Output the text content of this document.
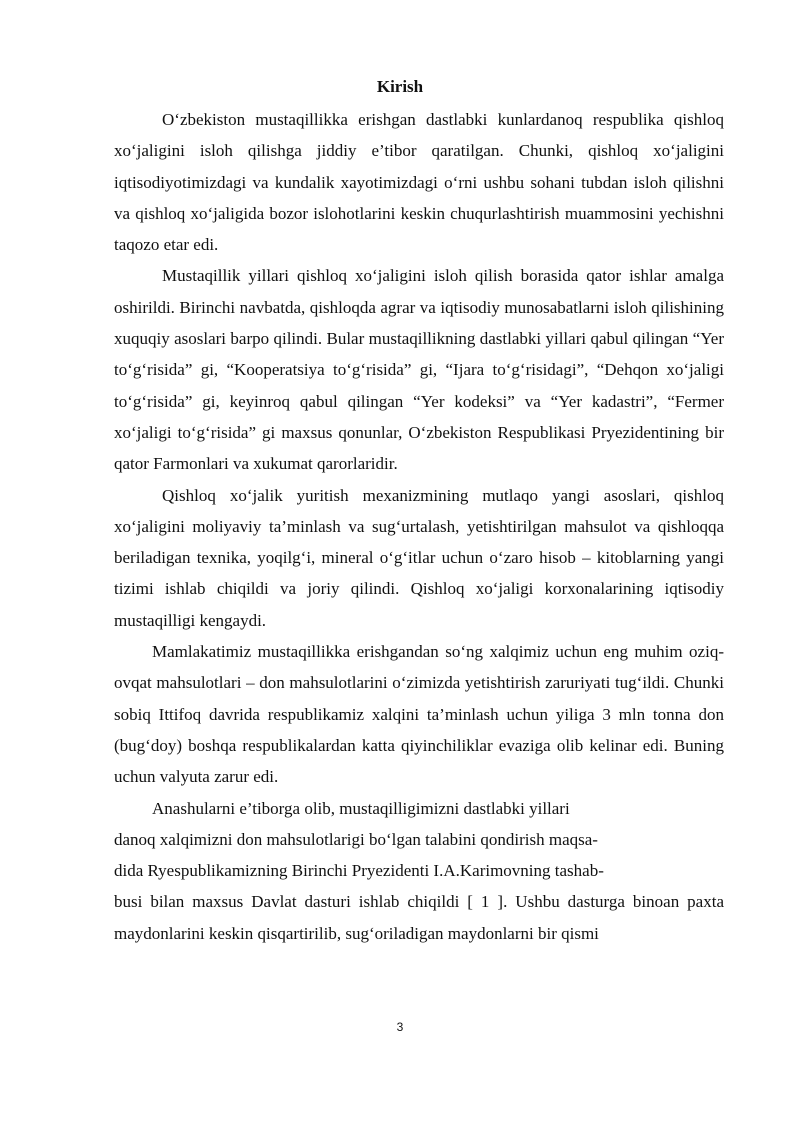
Kirish

O‘zbekiston mustaqillikka erishgan dastlabki kunlardanoq respublika qishloq xo‘jaligini isloh qilishga jiddiy e’tibor qaratilgan. Chunki, qishloq xo‘jaligini iqtisodiyotimizdagi va kundalik xayotimizdagi o‘rni ushbu sohani tubdan isloh qilishni va qishloq xo‘jaligida bozor islohotlarini keskin chuqurlashtirish muammosini yechishni taqozo etar edi.

Mustaqillik yillari qishloq xo‘jaligini isloh qilish borasida qator ishlar amalga oshirildi. Birinchi navbatda, qishloqda agrar va iqtisodiy munosabatlarni isloh qilishining xuquqiy asoslari barpo qilindi. Bular mustaqillikning dastlabki yillari qabul qilingan “Yer to‘g‘risida” gi, “Kooperatsiya to‘g‘risida” gi, “Ijara to‘g‘risidagi”, “Dehqon xo‘jaligi to‘g‘risida” gi, keyinroq qabul qilingan “Yer kodeksi” va “Yer kadastri”, “Fermer xo‘jaligi to‘g‘risida” gi maxsus qonunlar, O‘zbekiston Respublikasi Pryezidentining bir qator Farmonlari va xukumat qarorlaridir.

Qishloq xo‘jalik yuritish mexanizmining mutlaqo yangi asoslari, qishloq xo‘jaligini moliyaviy ta’minlash va sug‘urtalash, yetishtirilgan mahsulot va qishloqqa beriladigan texnika, yoqilg‘i, mineral o‘g‘itlar uchun o‘zaro hisob – kitoblarning yangi tizimi ishlab chiqildi va joriy qilindi. Qishloq xo‘jaligi korxonalarining iqtisodiy mustaqilligi kengaydi.

Mamlakatimiz mustaqillikka erishgandan so‘ng xalqimiz uchun eng muhim oziq-ovqat mahsulotlari – don mahsulotlarini o‘zimizda yetishtirish zaruriyati tug‘ildi. Chunki sobiq Ittifoq davrida respublikamiz xalqini ta’minlash uchun yiliga 3 mln tonna don (bug‘doy) boshqa respublikalardan katta qiyinchiliklar evaziga olib kelinar edi. Buning uchun valyuta zarur edi.

Anashularni e’tiborga olib, mustaqilligimizni dastlabki yillari
danoq xalqimizni don mahsulotlarigi bo‘lgan talabini qondirish maqsa-
dida Ryespublikamizning Birinchi Pryezidenti I.A.Karimovning tashab-

busi bilan maxsus Davlat dasturi ishlab chiqildi [ 1 ]. Ushbu dasturga binoan paxta maydonlarini keskin qisqartirilib, sug‘oriladigan maydonlarni bir qismi

3
